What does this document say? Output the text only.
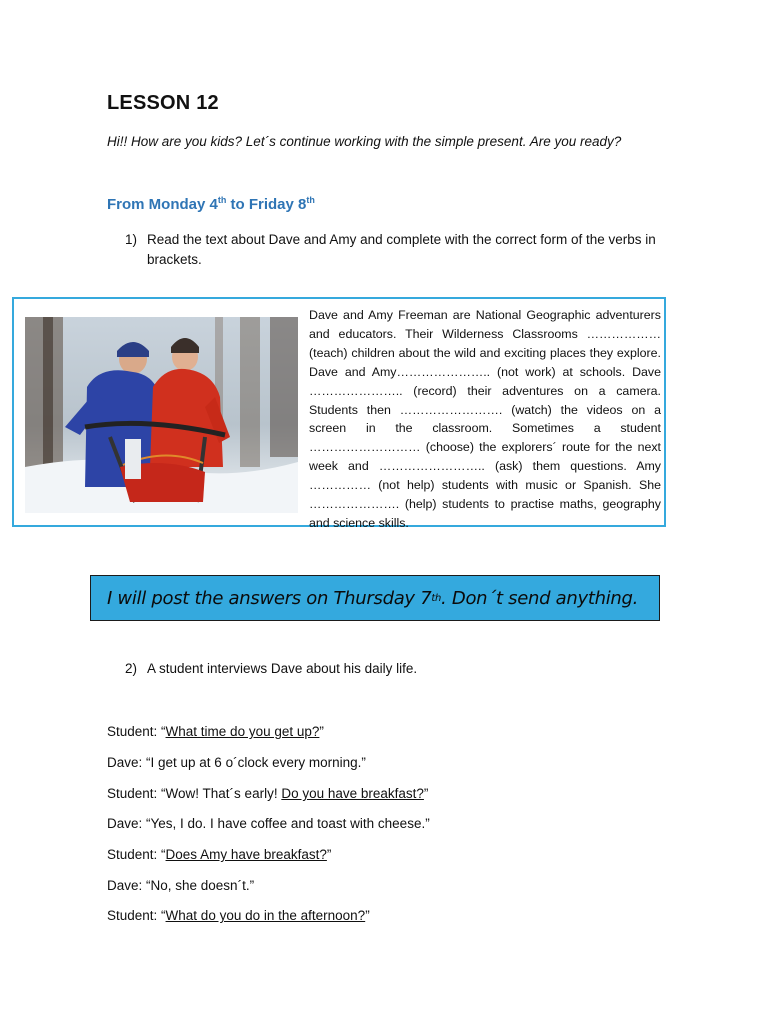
LESSON 12
Hi!! How are you kids? Let´s continue working with the simple present. Are you ready?
From Monday 4th to Friday 8th
1) Read the text about Dave and Amy and complete with the correct form of the verbs in brackets.
Dave and Amy Freeman are National Geographic adventurers and educators. Their Wilderness Classrooms ……………… (teach) children about the wild and exciting places they explore. Dave and Amy………………….. (not work) at schools. Dave ………………….. (record) their adventures on a camera. Students then ……………………. (watch) the videos on a screen in the classroom. Sometimes a student ……………………… (choose) the explorers´ route for the next week and …………………….. (ask) them questions. Amy …………… (not help) students with music or Spanish. She …………………. (help) students to practise maths, geography and science skills.
I will post the answers on Thursday 7 th . Don´t send anything.
2) A student interviews Dave about his daily life.
Student: “What time do you get up?”
Dave: “I get up at 6 o´clock every morning.”
Student: “Wow! That´s early! Do you have breakfast?”
Dave: “Yes, I do. I have coffee and toast with cheese.”
Student: “Does Amy have breakfast?”
Dave: “No, she doesn´t.”
Student: “What do you do in the afternoon?”
